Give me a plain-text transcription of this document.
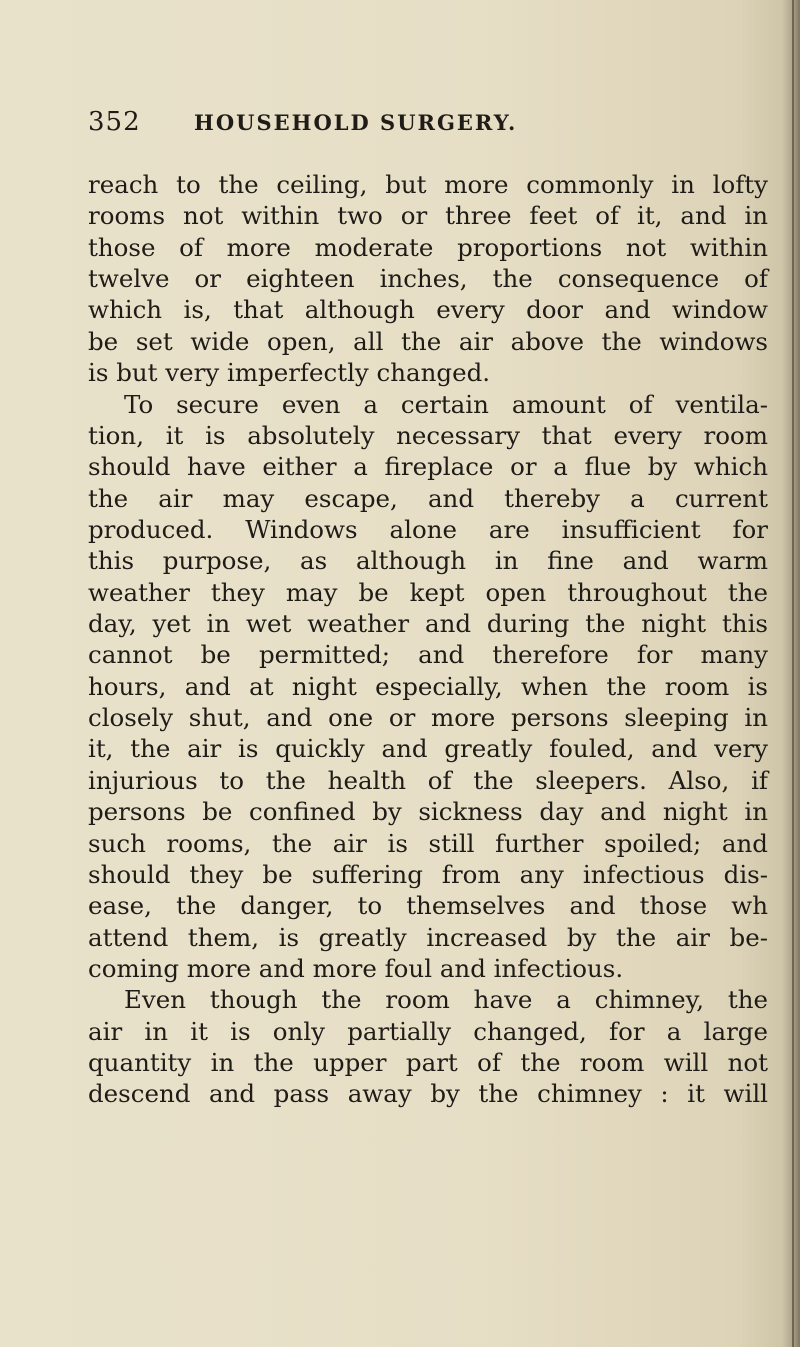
352	HOUSEHOLD SURGERY.
reach to the ceiling, but more commonly in lofty
rooms not within two or three feet of it, and in
those of more moderate proportions not within
twelve or eighteen inches, the consequence of
which is, that although every door and window
be set wide open, all the air above the windows
is but very imperfectly changed.
To secure even a certain amount of ventila-
tion, it is absolutely necessary that every room
should have either a fireplace or a flue by which
the air may escape, and thereby a current
produced. Windows alone are insufficient for
this purpose, as although in fine and warm
weather they may be kept open throughout the
day, yet in wet weather and during the night this
cannot be permitted; and therefore for many
hours, and at night especially, when the room is
closely shut, and one or more persons sleeping in
it, the air is quickly and greatly fouled, and very
injurious to the health of the sleepers. Also, if
persons be confined by sickness day and night in
such rooms, the air is still further spoiled; and
should they be suffering from any infectious dis-
ease, the danger, to themselves and those wh
attend them, is greatly increased by the air be-
coming more and more foul and infectious.
Even though the room have a chimney, the
air in it is only partially changed, for a large
quantity in the upper part of the room will not
descend and pass away by the chimney : it will
